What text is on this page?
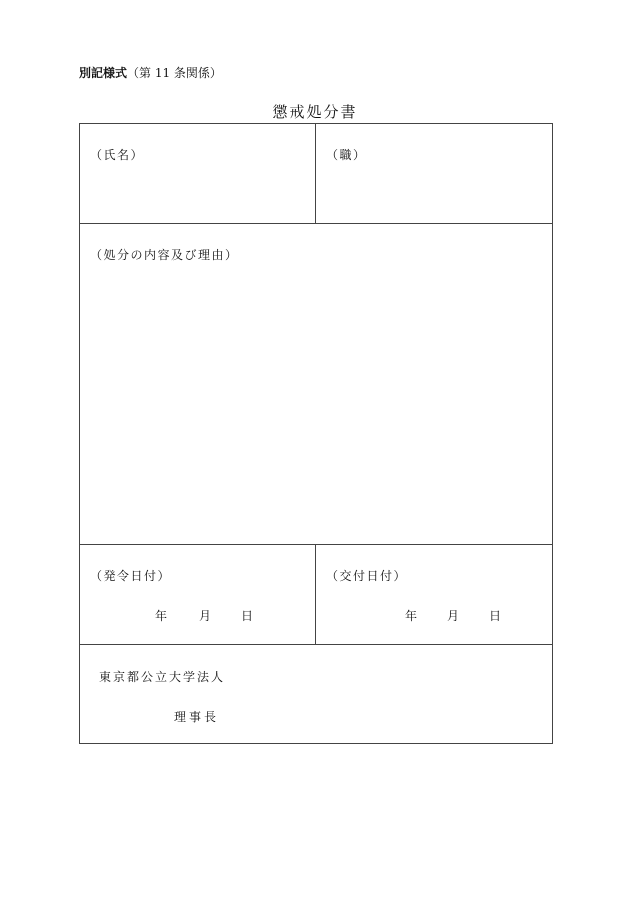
別記様式（第 11 条関係）
懲戒処分書
（氏名）	（職）
（処分の内容及び理由）
（発令日付）
年	月 日
（交付日付）
年 月 日
東京都公立大学法人
理事長
